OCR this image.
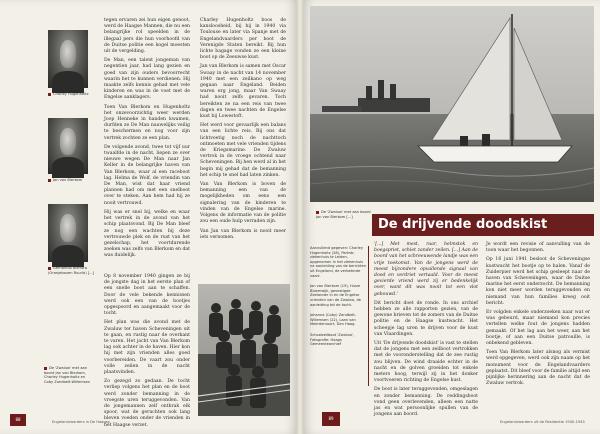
Charley Hugenholtz
Jan van Blerkom
Gerhardus Bierstra (Oranjeboven Ruurlo) [...]
De 'Zwaluw' met aan boord Jan van Blerkom, Charley Hugenholtz en Coby Zandbelt-Willemsen

tegen ervaren zei hun eigen genoot, werd de Haagse Mannen, die nu een belangrijke rol speelden in de illegaal pers die hun voorhoofd van de Duitse politie een kogel moesten uit de vergelding.

De Man, een talent jongeman van negentien jaar, had lang gezien en goed van zijn ouders bevoorrecht waarin het te kunnen verdienen. Hij maakte zelfs kennis gehad met vele kinderen en was in de voet met de Engelse aanklagers.

Toen Van Blerkom en Hugenholtz het onzevoorzichtig weer werden Joop Henneke in handen kwamen, durfden ze De Man nauwelijks veilig te beschermen en nog voor zijn vertrek zochten ze een plan.

De volgende avond, twee tot vijf uur twaalfde in de nacht, liepen ze over nieuwe wegen De Man naar Jan Keller in de belangrijke haven van Van Blerkom, waar al een raceboot lag. Helma de Wolf, de vriendin van De Man, wist dat haar vriend plannen had om met een snelboot over te steken. Aan hem had hij ze nooit vertrouwd.

Hij was er snel bij, welke en waar het vertrek in de avond van het schip plaatsvond. Bij De Man bleef ze nog een wachten bij deze vertrouwde plek en de rust van het gezelschap, het voortdurende zoeken was zelfs van Blerkom en dat was duidelijk.

Op 8 november 1940 gingen ze bij de jongste dag in het eerste plan of een snelle boot aan te schaffen. Door de vele bekende kennissen werd ook een van de bootjes opgespoord en aangemaakt voor de tocht.

Het plan was die avond met de Zwaluw ter haven Scheveningen uit te gaan, en rustig naar de overkant te varen. Het jacht van Van Blerkom lag ook achter in de haven. Hier kon hij met zijn vrienden alles goed voorbereiden. De vaart zou onder volle zeilen in de nacht plaatsvinden.

Zo gezegd zo gedaan. De tocht verliep volgens het plan en de boot werd zonder bemanning in de vroegste uren teruggevonden. Van de jongemannen zelf ontbrak elk spoor, wat de geruchten ook lang bleven voeden onder de vrienden in het Haagse verzet.

Charley Hugenholtz boos de kansloosheid, bij hij in 1940 via Toulouse en later via Spanje met de Engelandvaarders per boot de Verenigde Staten bereikt. Bij hun lichte bagage vonden ze een kleine boot op de Zeeuwse kust.

Jan van Blerkom is samen met Oscar Swaay in de nacht van 14 november 1940 met een zeilkano op weg gegaan naar Engeland. Beiden waren erg jong, maar Van Swaay had nooit zelfs gevaren. Toch bereikten ze na een reis van twee dagen en twee nachten de Engelse kust bij Lowestoft.

Het werd voor gevaarlijk een balans van een lichte reis. Bij ons dat lichtvoetig noch de nachttoch ontmoeten met vele vrienden tijdens de Kriegsmarine. De Zwaluw vertrok in de vroege ochtend naar Scheveningen. Bij hen werd al in het begin mij gehad dat de bemanning het schip te snel had laten zinken.

Van Van Blerkom is boven de bemanning een van de mogelijkheden om eens een signalering van de kinderen te vinden van de Engelse marine. Volgens de informatie van de politie zou een oude hulp verraden zijn.

Van Jan van Blerkom is nooit meer iets vernomen.

Engelandvaarders in De Haagse
88
De 'Zwaluw' met aan boord Jan van Blerkom [...]
De drijvende doodskist

Aanvullend gegeven: Charley Hugenholtz (28), Parkstr. ziekenhuis te Leiden, opgenomen in het ziekenhuis na aanleiding van de berichten uit Engeland, de verbeterde vaart.

Jan van Blerkom (19), Huize Bloemwijk, gevestigde Zeelander in en de Engelse vrienden van de Zwaluw, de aanleiding tot de tocht.

Johanna (Coby) Zandbelt-Willemsen (22), Laan van Meerdervoort, Den Haag.

Schoolzeilboot 'Zwaluw', Fotografie: Haags Gemeentearchief

'[...] Met mest, raar, helmstok en boegspriet, schiet zander zeilen. [...] Aan de boord van het schreeuwende landje was een vrije toekomst. Van de jongens werd de meest bijzondere opvallende signaal van dood en verdriet vertaald. Voor de meest gevierde vriend werd zij er bedenkelijk over, want dit was nooit tot een vlot gebouwd.'

Dit bericht doet de ronde. In ons archief hebben ze alle rapporten gezien, van de gewone brieven tot de zomers van de Duitse politie en de Haagse kustwacht. Het scheepje lag uren te drijven voor de kust van Vlaardingen.

Uit 'De drijvende doodskist' is vast te stellen dat de jongens met een zeilboot vertrokken met de vooronderstelling dat de zee rustig zou blijven. De wind draaide echter in de nacht en de golven groeiden tot enkele meters hoog, terwijl zij in het donker voortvoeren richting de Engelse kust.

De boot is later teruggevonden, omgeslagen en zonder bemanning. De reddingsboot vond geen overlevenden, alleen een natte jas en wat persoonlijke spullen van de jongens aan boord.

Je wordt een revisie of aanvulling van de toon waar het begonnen.

Op 16 juni 1941 besloot de Scheveningse kustwacht het bootje op te halen. Vanaf de Zuiderpier werd het schip gesleept naar de haven van Scheveningen, waar de Duitse marine het eerst onderzocht. De bemanning kon niet meer worden teruggevonden en niemand van hun families kreeg ooit bericht.

Er volgden enkele onderzoeken naar wat er was gebeurd, maar niemand kon precies vertellen welke fout de jongens hadden gemaakt. Of het lag aan het weer, aan het bootje, of aan een Duitse patrouille, is onbekend gebleven.

Toen Van Blerkom later alsnog als vermist werd opgegeven, werd ook zijn naam op het monument voor de Engelandvaarders geplaatst. Dit bleef voor de familie altijd een pijnlijke herinnering aan de nacht dat de Zwaluw vertrok.

89
Engelandvaarders uit de Residentie 1940-1945
